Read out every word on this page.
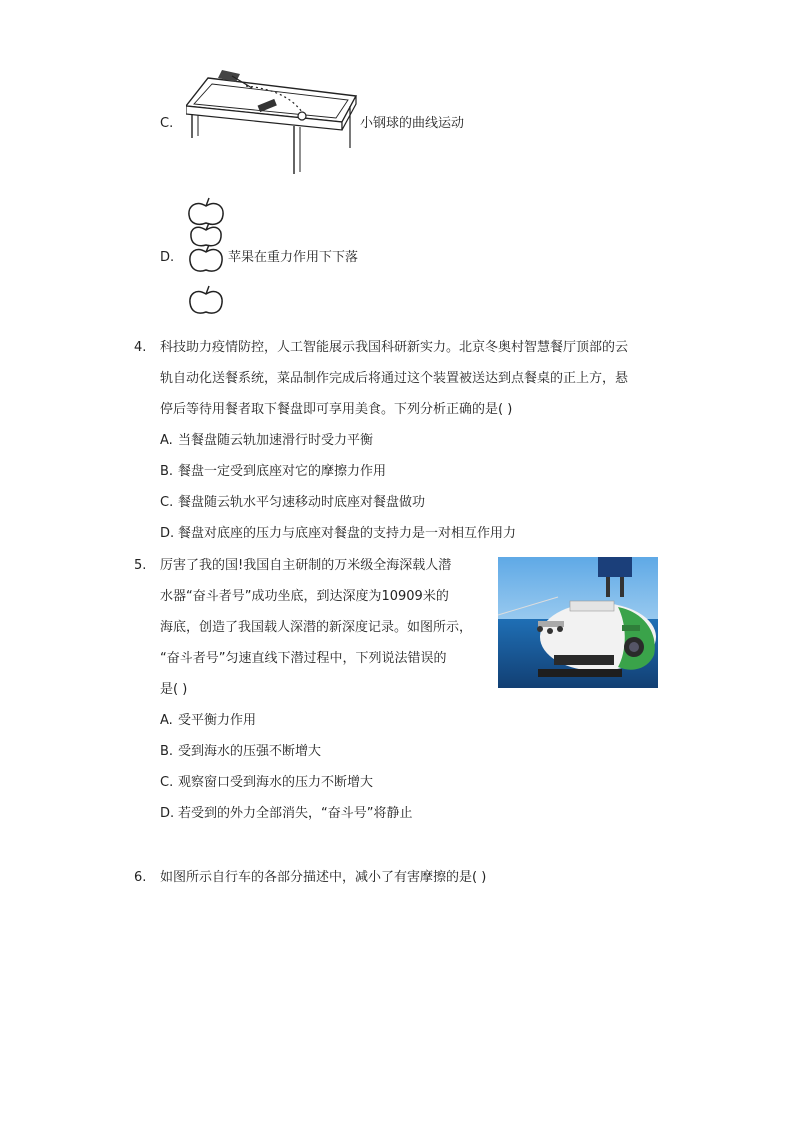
C.	小钢球的曲线运动
D.	苹果在重力作用下下落
4.	科技助力疫情防控，人工智能展示我国科研新实力。北京冬奥村智慧餐厅顶部的云
轨自动化送餐系统，菜品制作完成后将通过这个装置被送达到点餐桌的正上方，悬
停后等待用餐者取下餐盘即可享用美食。下列分析正确的是( )
A. 当餐盘随云轨加速滑行时受力平衡
B. 餐盘一定受到底座对它的摩擦力作用
C. 餐盘随云轨水平匀速移动时底座对餐盘做功
D. 餐盘对底座的压力与底座对餐盘的支持力是一对相互作用力
5.	厉害了我的国!我国自主研制的万米级全海深载人潜
水器“奋斗者号”成功坐底，到达深度为10909米的
海底，创造了我国载人深潜的新深度记录。如图所示，
“奋斗者号”匀速直线下潜过程中，下列说法错误的
是( )
A. 受平衡力作用
B. 受到海水的压强不断增大
C. 观察窗口受到海水的压力不断增大
D. 若受到的外力全部消失，“奋斗号”将静止
6.	如图所示自行车的各部分描述中，减小了有害摩擦的是( )
